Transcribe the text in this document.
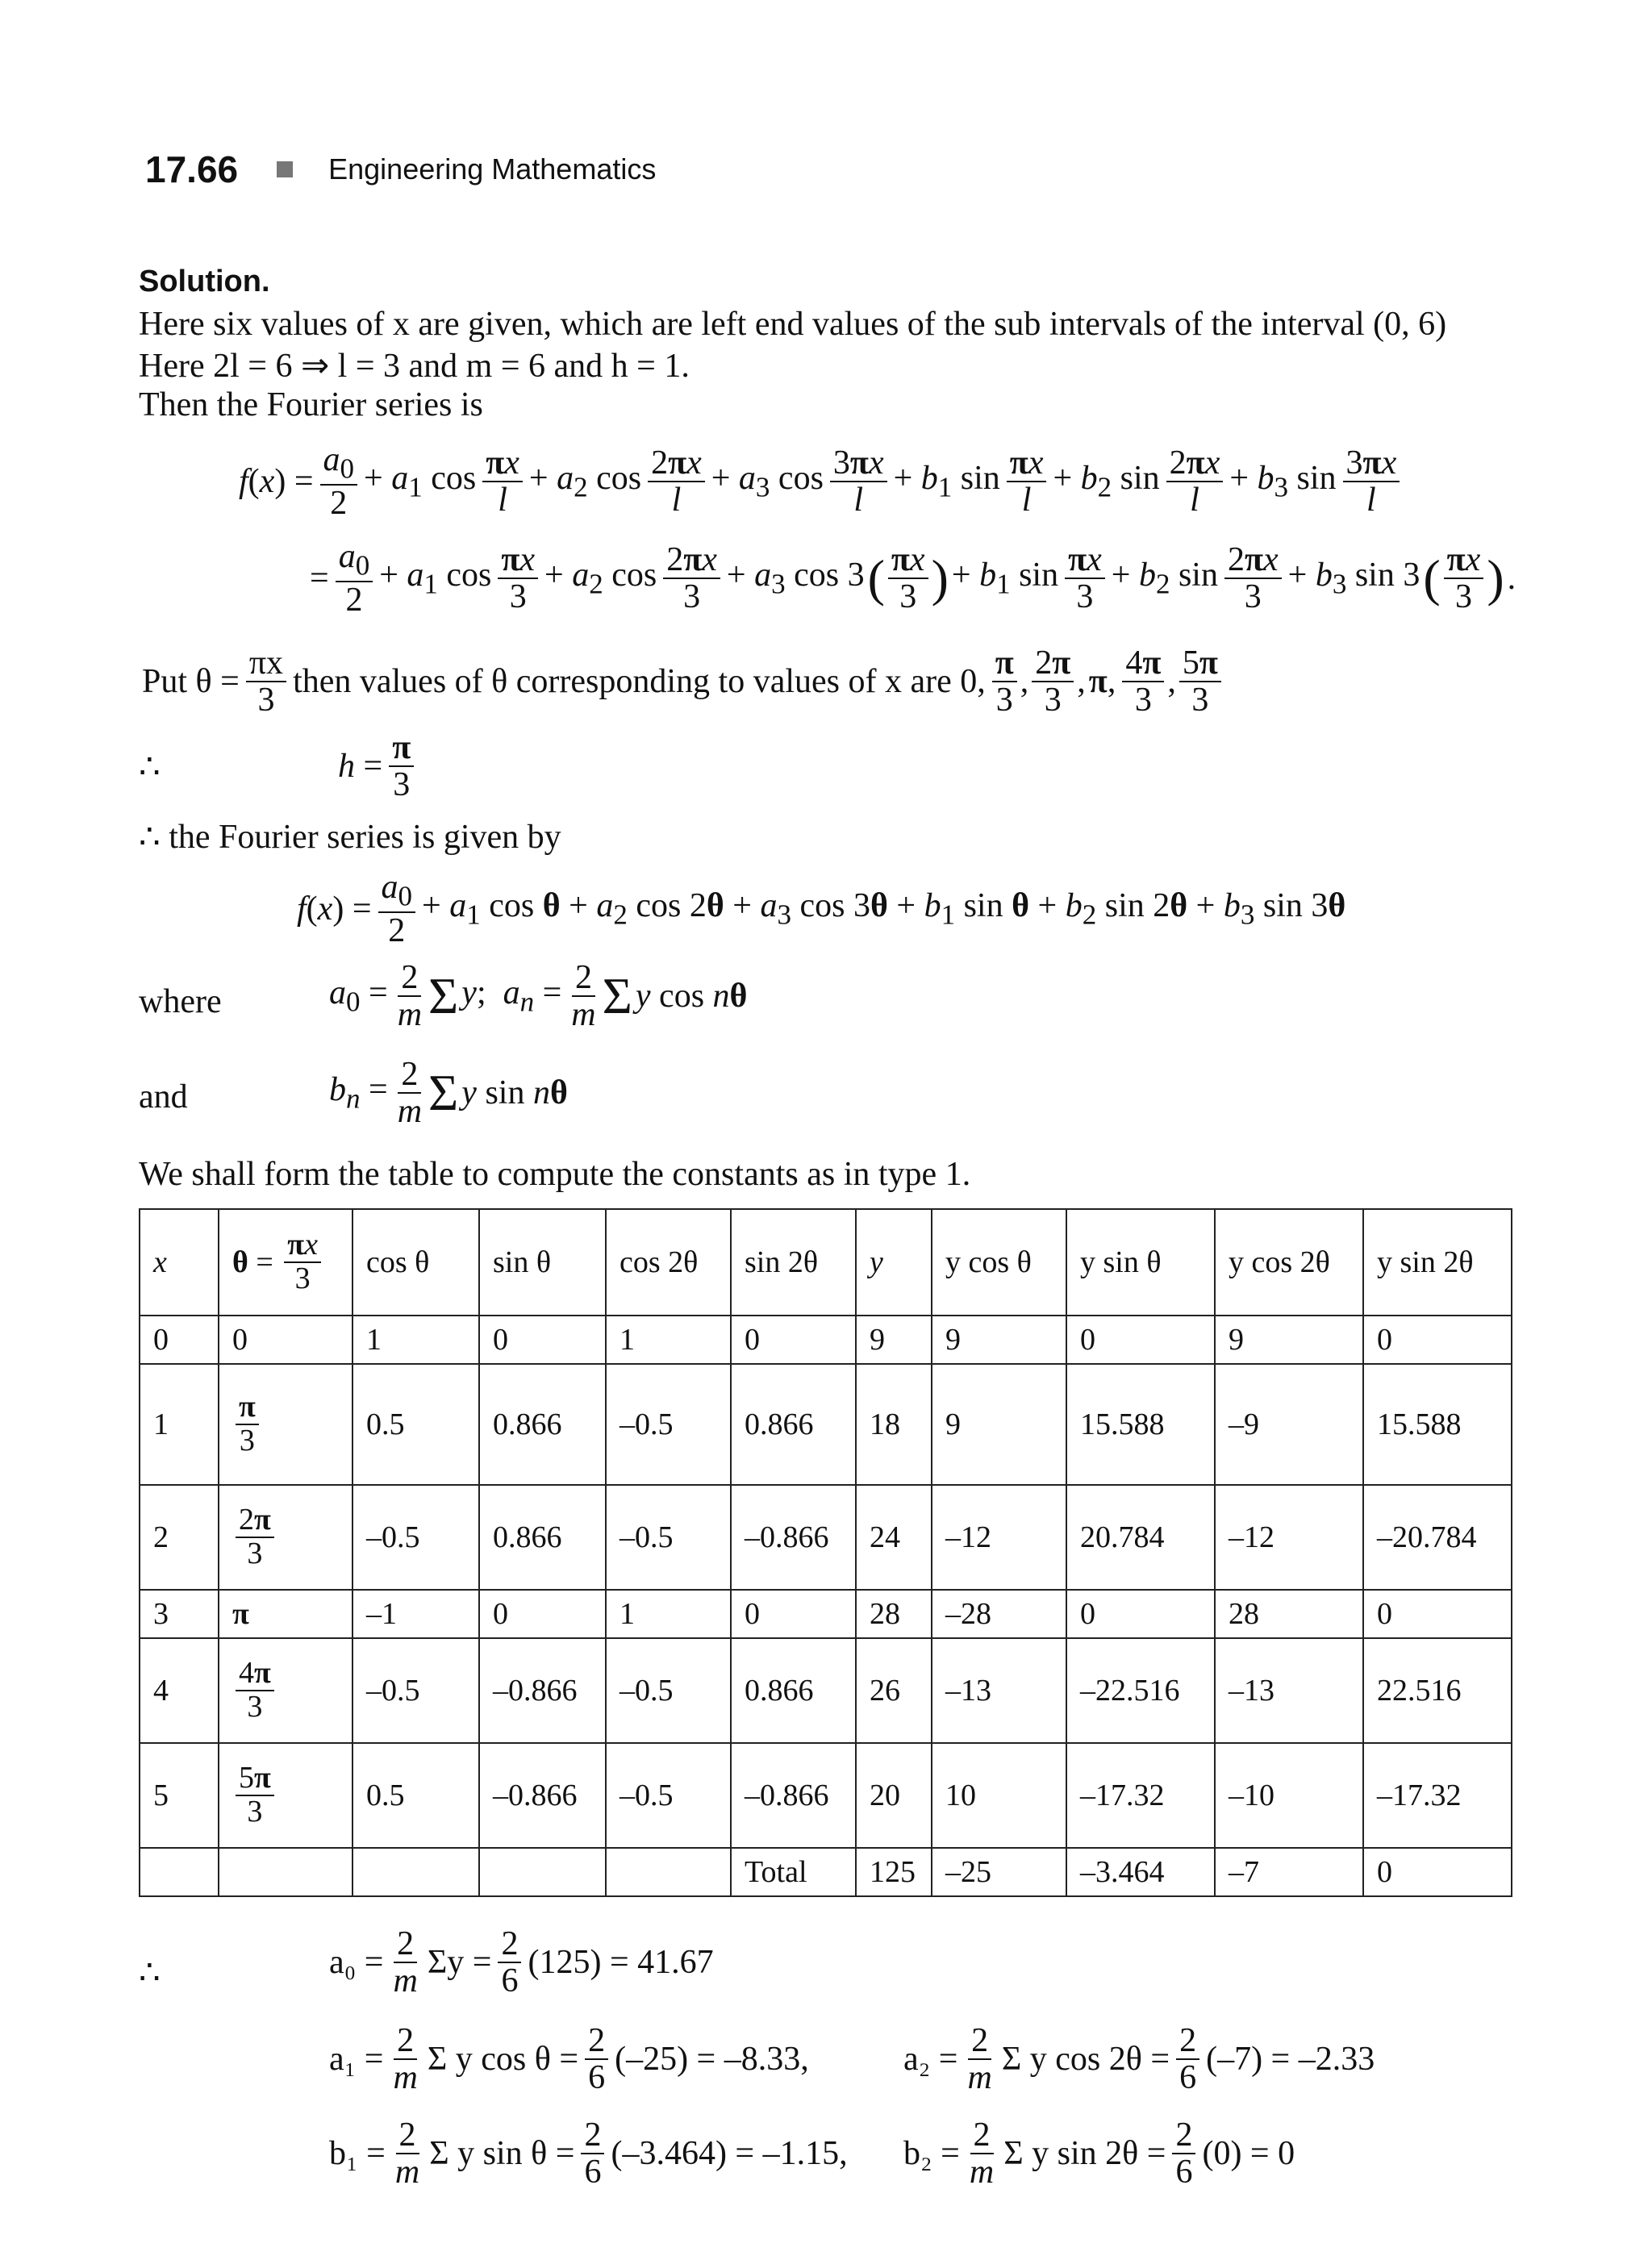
17.66	Engineering Mathematics
Solution.
Here six values of x are given, which are left end values of the sub intervals of the interval (0, 6)
Here 2l = 6 ⇒ l = 3 and m = 6 and h = 1.
Then the Fourier series is
$f(x) = \frac{a_0}{2} + a_1$ $\cos \frac{\pi x}{l} + a_2$ $\cos \frac{2\pi x}{l} + a_3$ $\cos \frac{3\pi x}{l} + b_1$ $\sin \frac{\pi x}{l} + b_2$ $\sin \frac{2\pi x}{l} + b_3$ $\sin \frac{3\pi x}{l}$
= $\frac{a_0}{2} + a_1$ $\cos \frac{\pi x}{3} + a_2$ $\cos \frac{2\pi x}{3} + a_3$ cos 3 ( $\frac{\pi x}{3}$ ) + $b_1$ $\sin \frac{\pi x}{3} + b_2$ $\sin \frac{2\pi x}{3} + b_3$ sin 3 ( $\frac{\pi x}{3}$ ) .
Put $\theta = \frac{\pi x}{3}$ then values of θ corresponding to values of x are 0, $\frac{\pi}{3}$ , $\frac{2\pi}{3}$ , π, $\frac{4\pi}{3}$ , $\frac{5\pi}{3}$
∴	$h = \frac{\pi}{3}$
∴ the Fourier series is given by
$f(x) = \frac{a_0}{2} + a_1$ $\cos \theta + a_2$ $\cos 2\theta + a_3$ $\cos 3\theta + b_1$ $\sin \theta + b_2$ $\sin 2\theta + b_3$ sin 3θ
where	$a_0 = \frac{2}{m}$ Σ y;  $a_n = \frac{2}{m}$ Σ y cos nθ
and	$b_n = \frac{2}{m}$ Σ y sin nθ
We shall form the table to compute the constants as in type 1.
x	$\theta = \frac{\pi x}{3}$	cos θ	sin θ	cos 2θ	sin 2θ	y	y cos θ	y sin θ	y cos 2θ	y sin 2θ
0	0	1	0	1	0	9	9	0	9	0
1	$\frac{\pi}{3}$	0.5	0.866	–0.5	0.866	18	9	15.588	–9	15.588
2	$\frac{2\pi}{3}$	–0.5	0.866	–0.5	–0.866	24	–12	20.784	–12	–20.784
3	π	–1	0	1	0	28	–28	0	28	0
4	$\frac{4\pi}{3}$	–0.5	–0.866	–0.5	0.866	26	–13	–22.516	–13	22.516
5	$\frac{5\pi}{3}$	0.5	–0.866	–0.5	–0.866	20	10	–17.32	–10	–17.32
					Total	125	–25	–3.464	–7	0
∴	$a_0 = \frac{2}{m}$ $\Sigma y = \frac{2}{6} (125) = 41.67$
$a_1 = \frac{2}{m}$ Σ y $\cos \theta = \frac{2}{6} (-25) = -8.33$,	$a_2 = \frac{2}{m}$ Σ y $\cos 2\theta = \frac{2}{6} (-7) = -2.33$
$b_1 = \frac{2}{m}$ Σ y $\sin \theta = \frac{2}{6} (-3.464) = -1.15$, $b_2 = \frac{2}{m}$ Σ y $\sin 2\theta = \frac{2}{6} (0) = 0$
